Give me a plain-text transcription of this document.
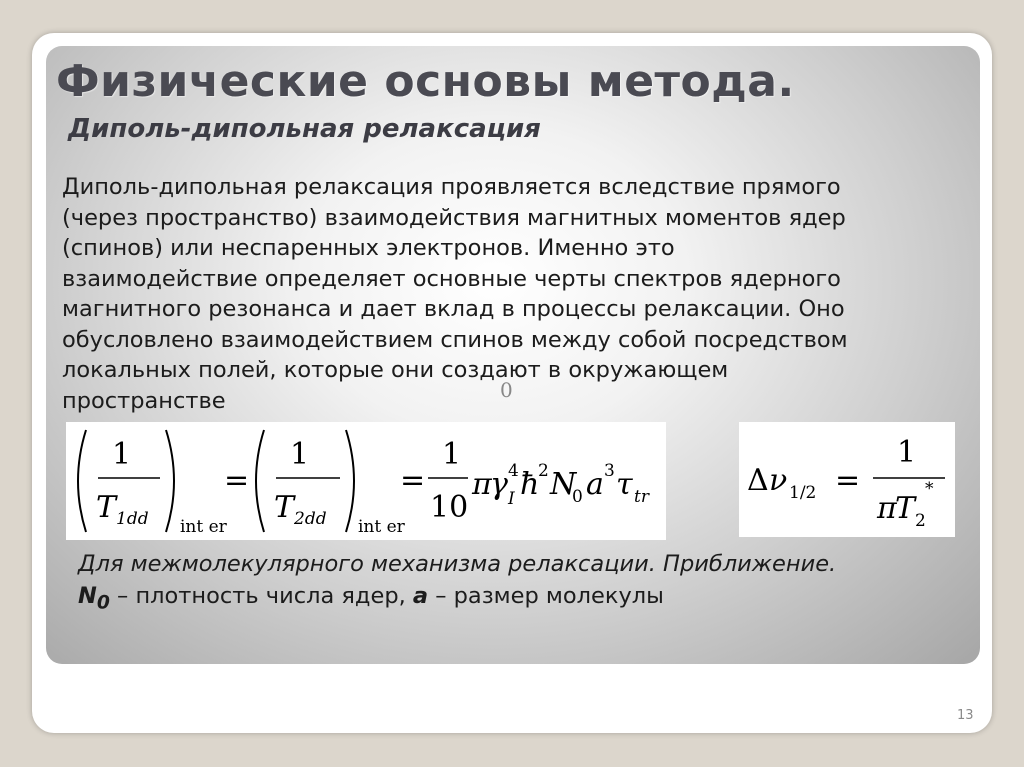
Физические основы метода.
Диполь-дипольная релаксация

Диполь-дипольная релаксация проявляется вследствие прямого
(через пространство) взаимодействия магнитных моментов ядер
(спинов) или неспаренных электронов. Именно это
взаимодействие определяет основные черты спектров ядерного
магнитного резонанса и дает вклад в процессы релаксации. Оно
обусловлено взаимодействием спинов между собой посредством
локальных полей, которые они создают в окружающем
пространстве	0
1
T 1dd int er
=
1
T 2dd int er
=
1
10
π
γ 4
I ħ
2 N
0 a 3 τ tr	Δ ν 1/2 =
1
π
T 2
*
Для межмолекулярного механизма релаксации. Приближение.
$N_0$ – плотность числа ядер, a – размер молекулы
13
